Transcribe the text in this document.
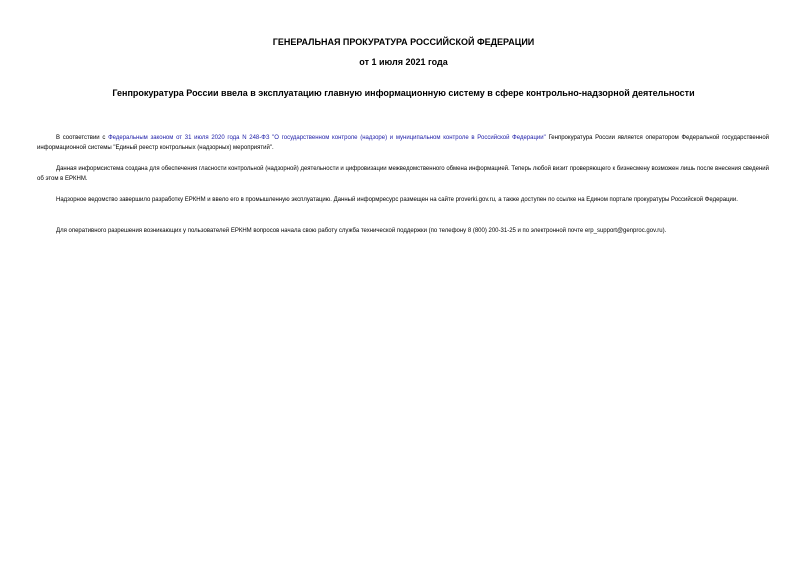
ГЕНЕРАЛЬНАЯ ПРОКУРАТУРА РОССИЙСКОЙ ФЕДЕРАЦИИ
от 1 июля 2021 года
Генпрокуратура России ввела в эксплуатацию главную информационную систему в сфере контрольно-надзорной деятельности

В соответствии с Федеральным законом от 31 июля 2020 года N 248-ФЗ "О государственном контроле (надзоре) и муниципальном контроле в Российской Федерации" Генпрокуратура России является оператором Федеральной государственной информационной системы "Единый реестр контрольных (надзорных) мероприятий".

Данная информсистема создана для обеспечения гласности контрольной (надзорной) деятельности и цифровизации межведомственного обмена информацией. Теперь любой визит проверяющего к бизнесмену возможен лишь после внесения сведений об этом в ЕРКНМ.

Надзорное ведомство завершило разработку ЕРКНМ и ввело его в промышленную эксплуатацию. Данный информресурс размещен на сайте proverki.gov.ru, а также доступен по ссылке на Едином портале прокуратуры Российской Федерации.

Для оперативного разрешения возникающих у пользователей ЕРКНМ вопросов начала свою работу служба технической поддержки (по телефону 8 (800) 200-31-25 и по электронной почте erp_support@genproc.gov.ru).
